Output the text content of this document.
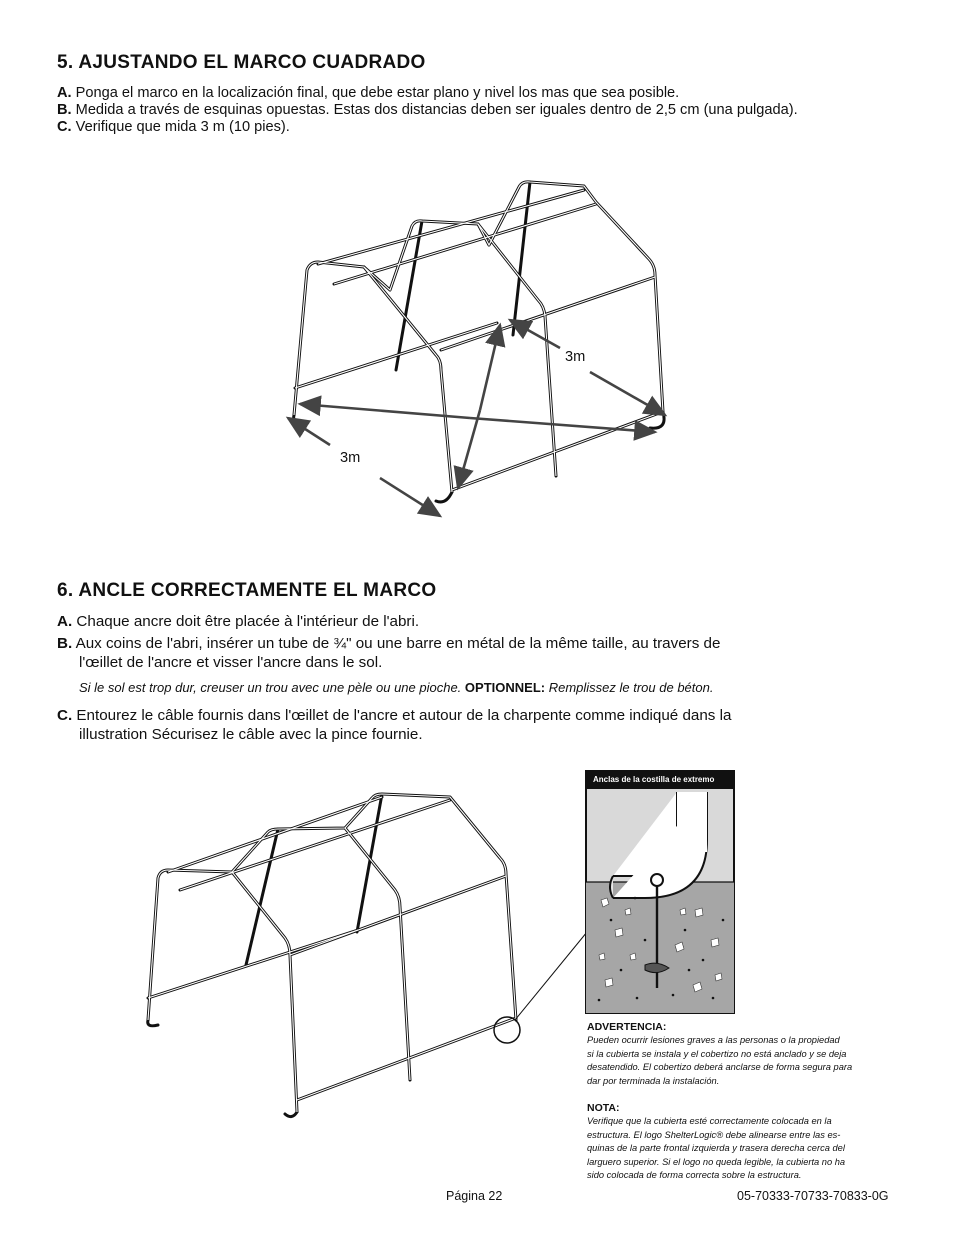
5. AJUSTANDO EL MARCO CUADRADO
A. Ponga el marco en la localización final, que debe estar plano y nivel los mas que sea posible.
B. Medida a través de esquinas opuestas. Estas dos distancias deben ser iguales dentro de 2,5 cm (una pulgada).
C. Verifique que mida 3 m (10 pies).
3m
3m
6. ANCLE CORRECTAMENTE EL MARCO
A. Chaque ancre doit être placée à l'intérieur de l'abri.
B. Aux coins de l'abri, insérer un tube de ¾" ou une barre en métal de la même taille, au travers de
l'œillet de l'ancre et visser l'ancre dans le sol.
Si le sol est trop dur, creuser un trou avec une pèle ou une pioche. OPTIONNEL: Remplissez le trou de béton.
C. Entourez le câble fournis dans l'œillet de l'ancre et autour de la charpente comme indiqué dans la
illustration Sécurisez le câble avec la pince fournie.
Anclas de la costilla de extremo
ADVERTENCIA:
Pueden ocurrir lesiones graves a las personas o la propiedad
si la cubierta se instala y el cobertizo no está anclado y se deja
desatendido. El cobertizo deberá anclarse de forma segura para
dar por terminada la instalación.
NOTA:
Verifique que la cubierta esté correctamente colocada en la
estructura. El logo ShelterLogic® debe alinearse entre las es-
quinas de la parte frontal izquierda y trasera derecha cerca del
larguero superior. Si el logo no queda legible, la cubierta no ha
sido colocada de forma correcta sobre la estructura.
Página 22	05-70333-70733-70833-0G
